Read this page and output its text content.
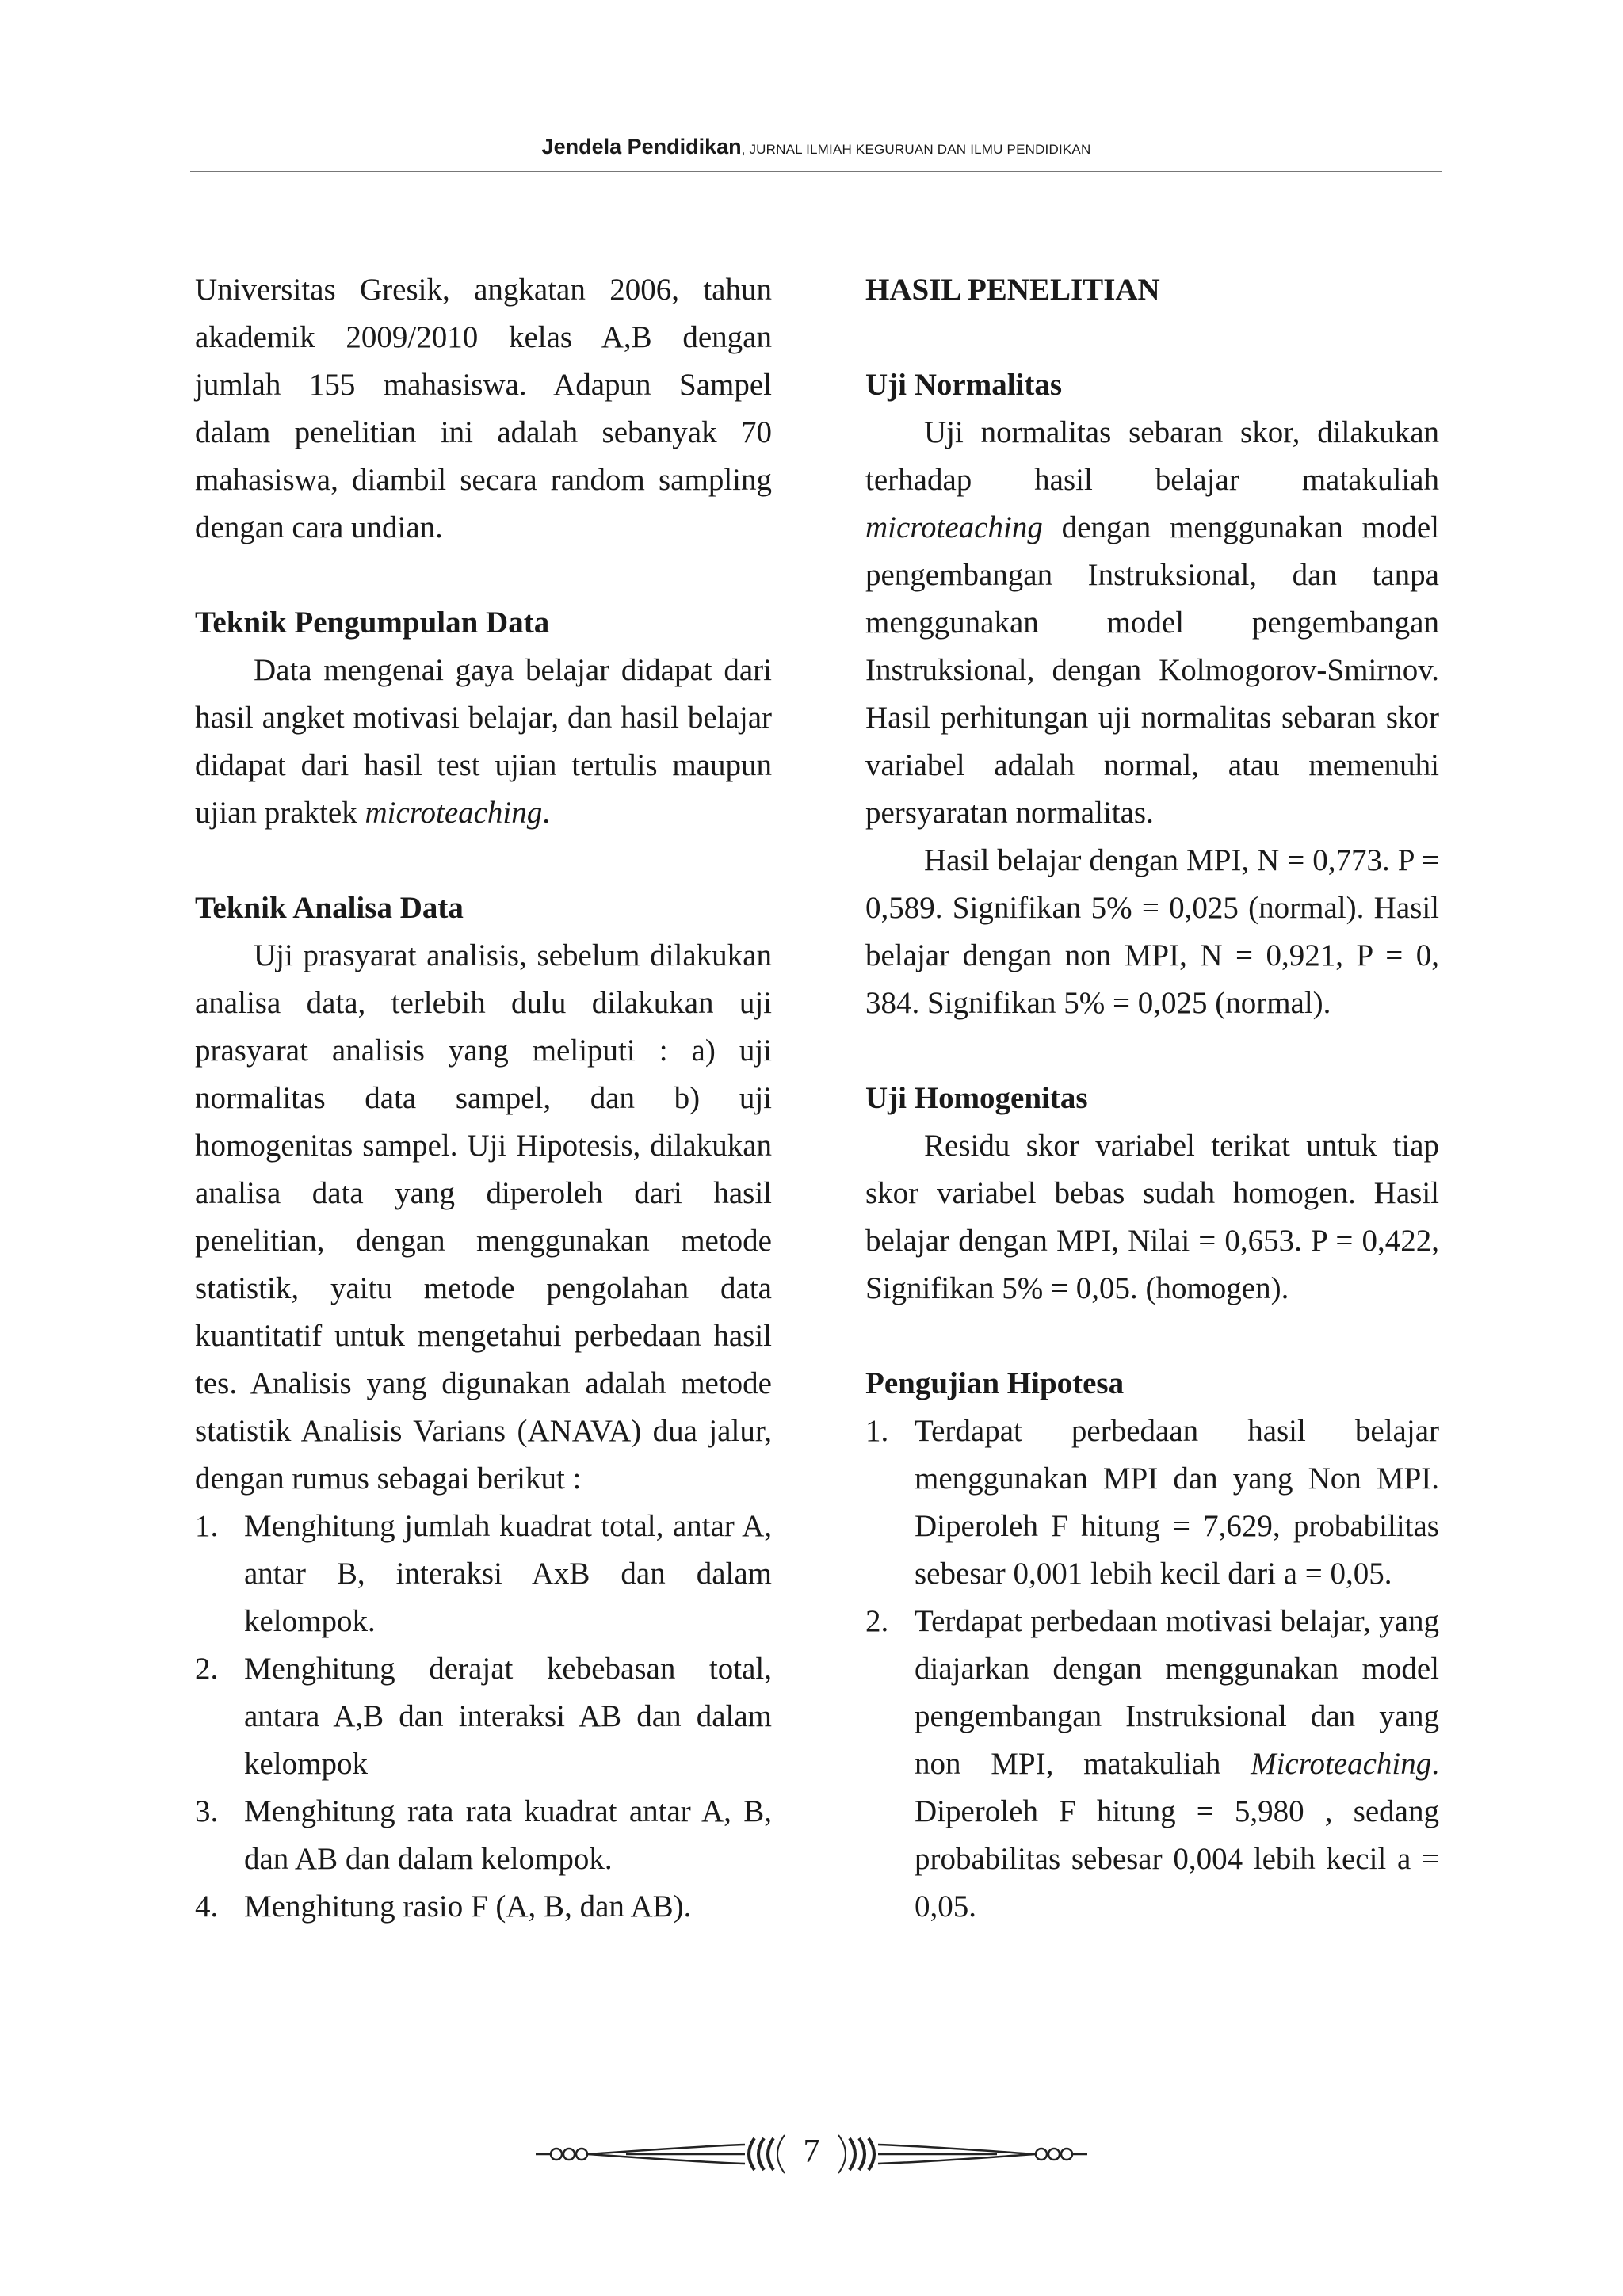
Jendela Pendidikan, JURNAL ILMIAH KEGURUAN DAN ILMU PENDIDIKAN

Universitas Gresik, angkatan 2006, tahun akademik 2009/2010 kelas A,B dengan jumlah 155 mahasiswa. Adapun Sampel dalam penelitian ini adalah sebanyak 70 mahasiswa, diambil secara random sampling dengan cara undian.

Teknik Pengumpulan Data

Data mengenai gaya belajar didapat dari hasil angket motivasi belajar, dan hasil belajar didapat dari hasil test ujian tertulis maupun ujian praktek microteaching.

Teknik Analisa Data

Uji prasyarat analisis, sebelum dilakukan analisa data, terlebih dulu dilakukan uji prasyarat analisis yang meliputi : a) uji normalitas data sampel, dan b) uji homogenitas sampel. Uji Hipotesis, dilakukan analisa data yang diperoleh dari hasil penelitian, dengan menggunakan metode statistik, yaitu metode pengolahan data kuantitatif untuk mengetahui perbedaan hasil tes. Analisis yang digunakan adalah metode statistik Analisis Varians (ANAVA) dua jalur, dengan rumus sebagai berikut :

1. Menghitung jumlah kuadrat total, antar A, antar B, interaksi AxB dan dalam kelompok.
2. Menghitung derajat kebebasan total, antara A,B dan interaksi AB dan dalam kelompok
3. Menghitung rata rata kuadrat antar A, B, dan AB dan dalam kelompok.
4. Menghitung rasio F (A, B, dan AB).

HASIL PENELITIAN

Uji Normalitas

Uji normalitas sebaran skor, dilakukan terhadap hasil belajar matakuliah microteaching dengan menggunakan model pengembangan Instruksional, dan tanpa menggunakan model pengembangan Instruksional, dengan Kolmogorov-Smirnov. Hasil perhitungan uji normalitas sebaran skor variabel adalah normal, atau memenuhi persyaratan normalitas.

Hasil belajar dengan MPI, N = 0,773. P = 0,589. Signifikan 5% = 0,025 (normal). Hasil belajar dengan non MPI, N = 0,921, P = 0, 384. Signifikan 5% = 0,025 (normal).

Uji Homogenitas

Residu skor variabel terikat untuk tiap skor variabel bebas sudah homogen. Hasil belajar dengan MPI, Nilai = 0,653. P = 0,422, Signifikan 5% = 0,05. (homogen).

Pengujian Hipotesa

1. Terdapat perbedaan hasil belajar menggunakan MPI dan yang Non MPI. Diperoleh F hitung = 7,629, probabilitas sebesar 0,001 lebih kecil dari a = 0,05.
2. Terdapat perbedaan motivasi belajar, yang diajarkan dengan menggunakan model pengembangan Instruksional dan yang non MPI, matakuliah Microteaching. Diperoleh F hitung = 5,980 , sedang probabilitas sebesar 0,004 lebih kecil a = 0,05.
7
